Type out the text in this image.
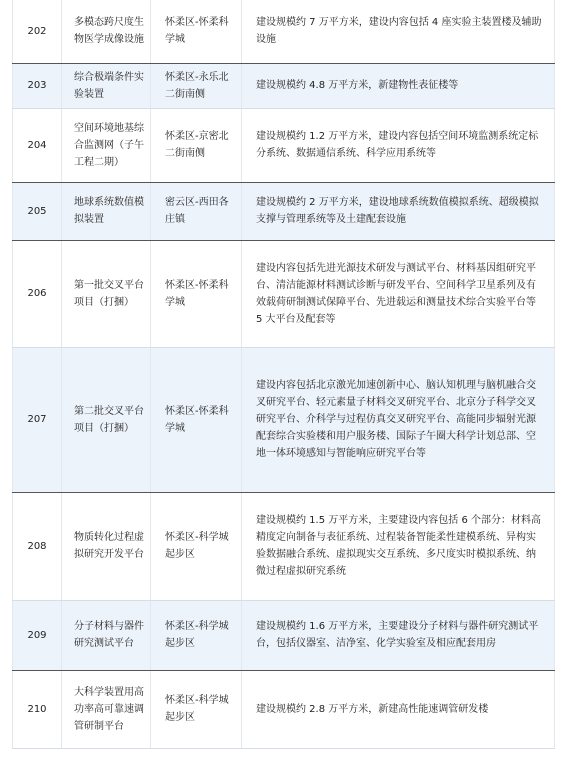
202	多模态跨尺度生物医学成像设施	怀柔区-怀柔科学城	建设规模约 7 万平方米，建设内容包括 4 座实验主装置楼及辅助设施
203	综合极端条件实验装置	怀柔区-永乐北二街南侧	建设规模约 4.8 万平方米，新建物性表征楼等
204	空间环境地基综合监测网（子午工程二期）	怀柔区-京密北二街南侧	建设规模约 1.2 万平方米，建设内容包括空间环境监测系统定标分系统、数据通信系统、科学应用系统等
205	地球系统数值模拟装置	密云区-西田各庄镇	建设规模约 2 万平方米，建设地球系统数值模拟系统、超级模拟支撑与管理系统等及土建配套设施
206	第一批交叉平台项目（打捆）	怀柔区-怀柔科学城	建设内容包括先进光源技术研发与测试平台、材料基因组研究平台、清洁能源材料测试诊断与研发平台、空间科学卫星系列及有效载荷研制测试保障平台、先进载运和测量技术综合实验平台等 5 大平台及配套等
207	第二批交叉平台项目（打捆）	怀柔区-怀柔科学城	建设内容包括北京激光加速创新中心、脑认知机理与脑机融合交叉研究平台、轻元素量子材料交叉研究平台、北京分子科学交叉研究平台、介科学与过程仿真交叉研究平台、高能同步辐射光源配套综合实验楼和用户服务楼、国际子午圈大科学计划总部、空地一体环境感知与智能响应研究平台等
208	物质转化过程虚拟研究开发平台	怀柔区-科学城起步区	建设规模约 1.5 万平方米，主要建设内容包括 6 个部分：材料高精度定向制备与表征系统、过程装备智能柔性建模系统、异构实验数据融合系统、虚拟现实交互系统、多尺度实时模拟系统、纳微过程虚拟研究系统
209	分子材料与器件研究测试平台	怀柔区-科学城起步区	建设规模约 1.6 万平方米，主要建设分子材料与器件研究测试平台，包括仪器室、洁净室、化学实验室及相应配套用房
210	大科学装置用高功率高可靠速调管研制平台	怀柔区-科学城起步区	建设规模约 2.8 万平方米，新建高性能速调管研发楼
